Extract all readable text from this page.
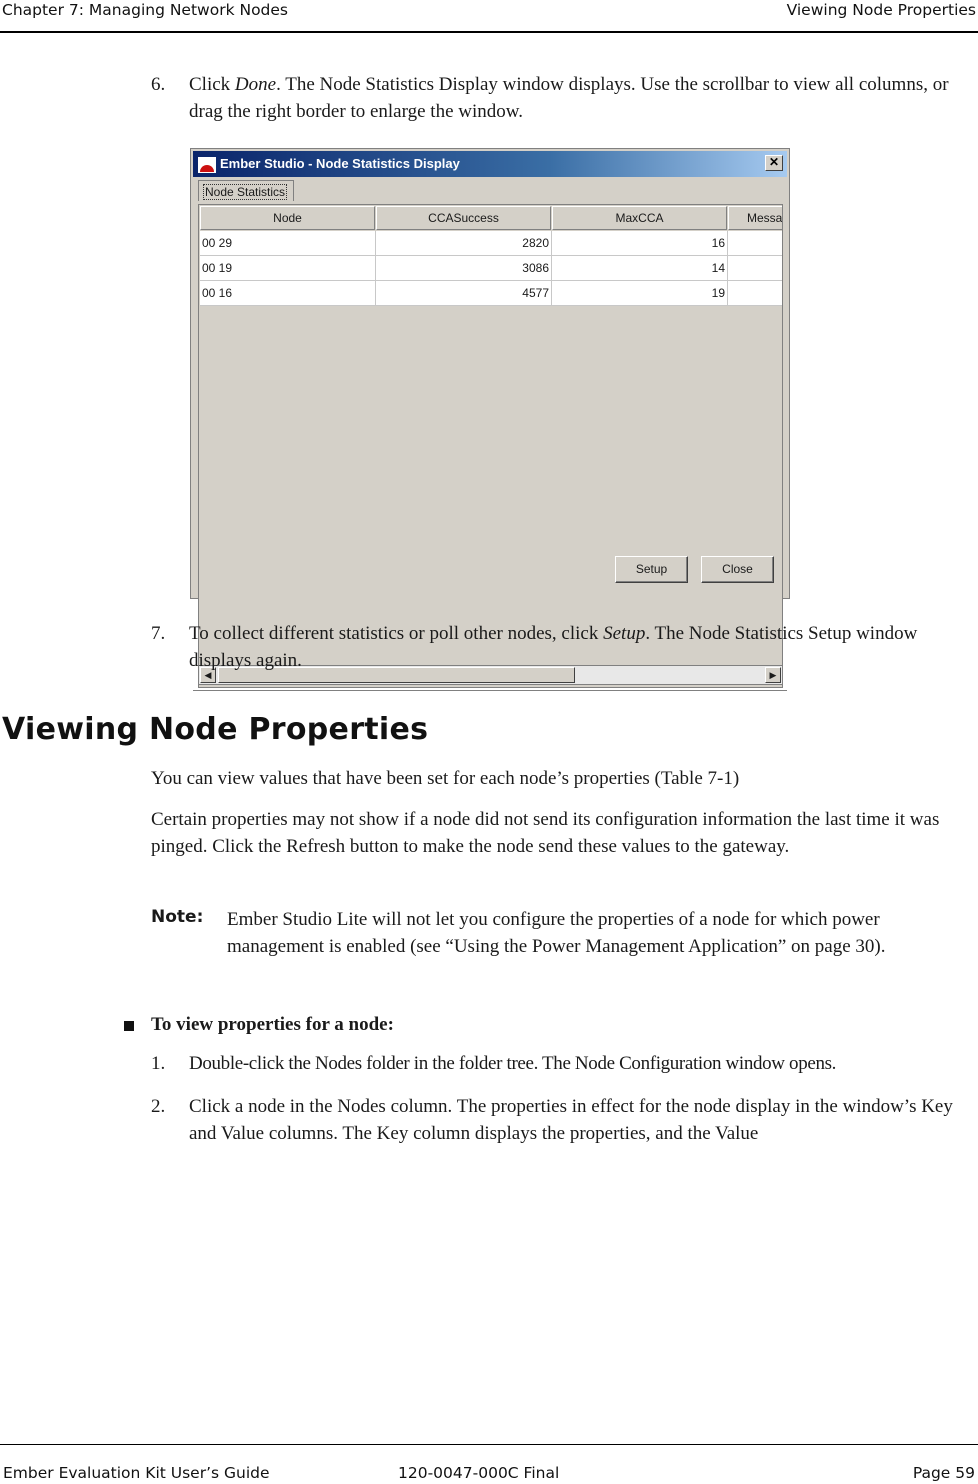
Chapter 7: Managing Network Nodes	Viewing Node Properties
6. Click Done. The Node Statistics Display window displays. Use the scrollbar to view all columns, or drag the right border to enlarge the window.
Ember Studio - Node Statistics Display	✕
Node Statistics
Node	CCASuccess	MaxCCA	Messa
00 29	2820	16
00 19	3086	14
00 16	4577	19
◀	▶
Setup	Close
7. To collect different statistics or poll other nodes, click Setup. The Node Statistics Setup window displays again.
Viewing Node Properties
You can view values that have been set for each node’s properties (Table 7-1)
Certain properties may not show if a node did not send its configuration information the last time it was pinged. Click the Refresh button to make the node send these values to the gateway.
Note: Ember Studio Lite will not let you configure the properties of a node for which power management is enabled (see “Using the Power Management Application” on page 30).
To view properties for a node:
1. Double-click the Nodes folder in the folder tree. The Node Configuration window opens.
2. Click a node in the Nodes column. The properties in effect for the node display in the window’s Key and Value columns. The Key column displays the properties, and the Value
Ember Evaluation Kit User’s Guide	120-0047-000C Final	Page 59
